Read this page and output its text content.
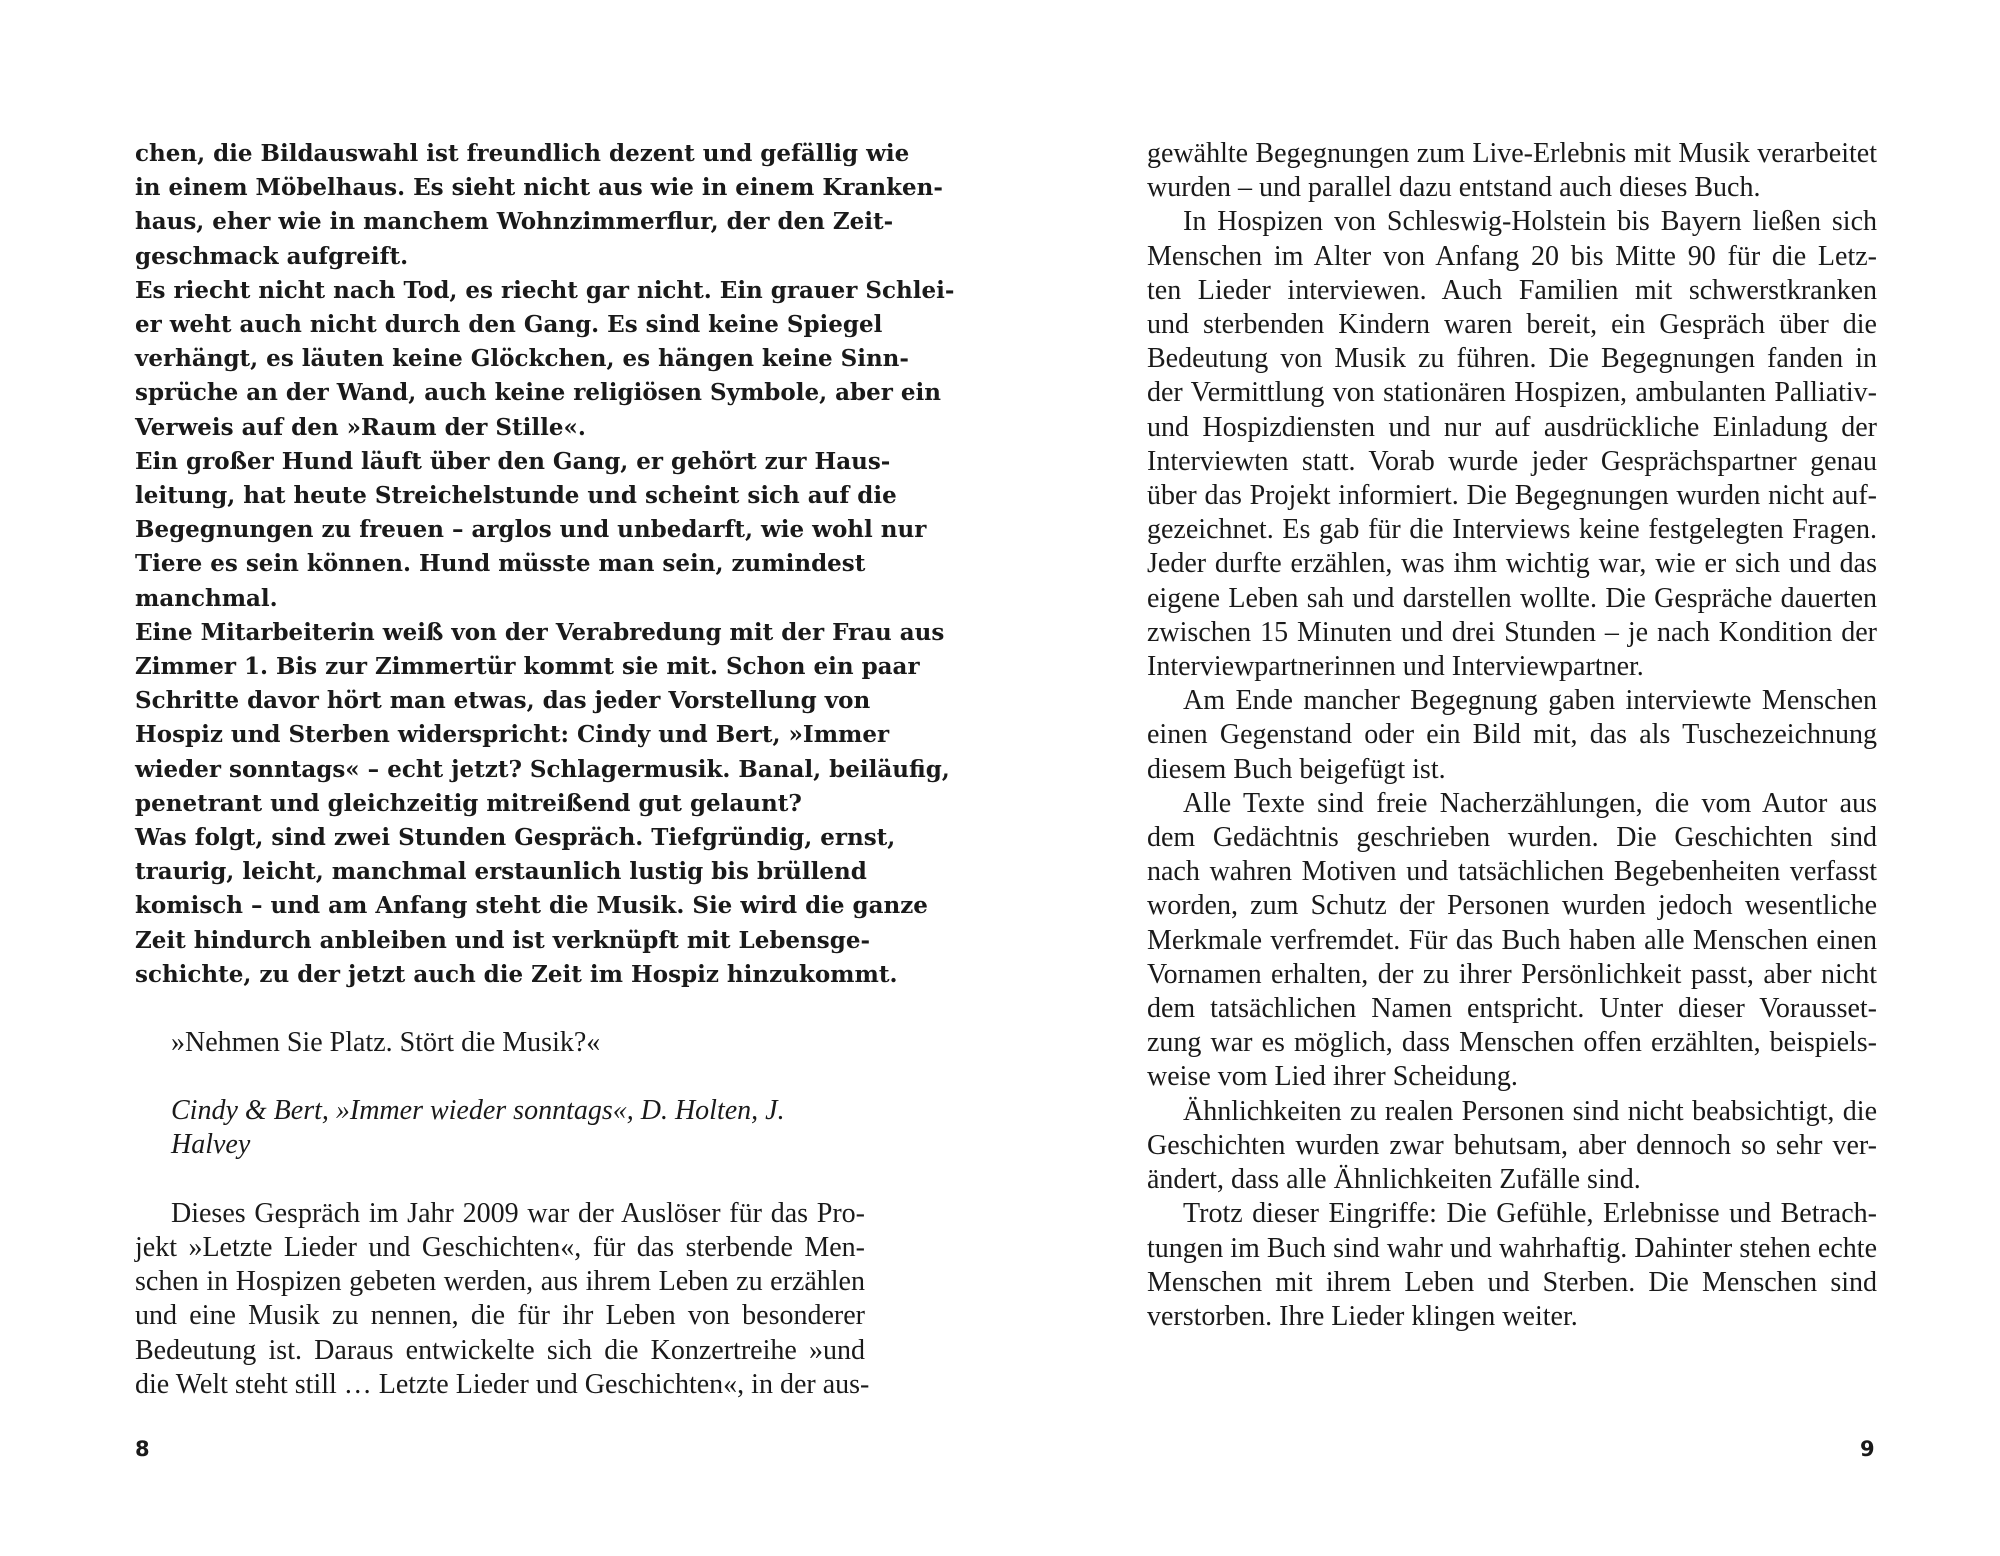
chen, die Bildauswahl ist freundlich dezent und gefällig wie
in einem Möbelhaus. Es sieht nicht aus wie in einem Kranken-
haus, eher wie in manchem Wohnzimmerflur, der den Zeit-
geschmack aufgreift.
Es riecht nicht nach Tod, es riecht gar nicht. Ein grauer Schlei-
er weht auch nicht durch den Gang. Es sind keine Spiegel
verhängt, es läuten keine Glöckchen, es hängen keine Sinn-
sprüche an der Wand, auch keine religiösen Symbole, aber ein
Verweis auf den »Raum der Stille«.
Ein großer Hund läuft über den Gang, er gehört zur Haus-
leitung, hat heute Streichelstunde und scheint sich auf die
Begegnungen zu freuen – arglos und unbedarft, wie wohl nur
Tiere es sein können. Hund müsste man sein, zumindest
manchmal.
Eine Mitarbeiterin weiß von der Verabredung mit der Frau aus
Zimmer 1. Bis zur Zimmertür kommt sie mit. Schon ein paar
Schritte davor hört man etwas, das jeder Vorstellung von
Hospiz und Sterben widerspricht: Cindy und Bert, »Immer
wieder sonntags« – echt jetzt? Schlagermusik. Banal, beiläufig,
penetrant und gleichzeitig mitreißend gut gelaunt?
Was folgt, sind zwei Stunden Gespräch. Tiefgründig, ernst,
traurig, leicht, manchmal erstaunlich lustig bis brüllend
komisch – und am Anfang steht die Musik. Sie wird die ganze
Zeit hindurch anbleiben und ist verknüpft mit Lebensge-
schichte, zu der jetzt auch die Zeit im Hospiz hinzukommt.
»Nehmen Sie Platz. Stört die Musik?«
Cindy & Bert, »Immer wieder sonntags«, D. Holten, J. Halvey
Dieses Gespräch im Jahr 2009 war der Auslöser für das Pro-
jekt »Letzte Lieder und Geschichten«, für das sterbende Men-
schen in Hospizen gebeten werden, aus ihrem Leben zu erzählen
und eine Musik zu nennen, die für ihr Leben von besonderer
Bedeutung ist. Daraus entwickelte sich die Konzertreihe »und
die Welt steht still … Letzte Lieder und Geschichten«, in der aus-
8
gewählte Begegnungen zum Live-Erlebnis mit Musik verarbeitet
wurden – und parallel dazu entstand auch dieses Buch.
In Hospizen von Schleswig-Holstein bis Bayern ließen sich
Menschen im Alter von Anfang 20 bis Mitte 90 für die Letz-
ten Lieder interviewen. Auch Familien mit schwerstkranken
und sterbenden Kindern waren bereit, ein Gespräch über die
Bedeutung von Musik zu führen. Die Begegnungen fanden in
der Vermittlung von stationären Hospizen, ambulanten Palliativ-
und Hospizdiensten und nur auf ausdrückliche Einladung der
Interviewten statt. Vorab wurde jeder Gesprächspartner genau
über das Projekt informiert. Die Begegnungen wurden nicht auf-
gezeichnet. Es gab für die Interviews keine festgelegten Fragen.
Jeder durfte erzählen, was ihm wichtig war, wie er sich und das
eigene Leben sah und darstellen wollte. Die Gespräche dauerten
zwischen 15 Minuten und drei Stunden – je nach Kondition der
Interviewpartnerinnen und Interviewpartner.
Am Ende mancher Begegnung gaben interviewte Menschen
einen Gegenstand oder ein Bild mit, das als Tuschezeichnung
diesem Buch beigefügt ist.
Alle Texte sind freie Nacherzählungen, die vom Autor aus
dem Gedächtnis geschrieben wurden. Die Geschichten sind
nach wahren Motiven und tatsächlichen Begebenheiten verfasst
worden, zum Schutz der Personen wurden jedoch wesentliche
Merkmale verfremdet. Für das Buch haben alle Menschen einen
Vornamen erhalten, der zu ihrer Persönlichkeit passt, aber nicht
dem tatsächlichen Namen entspricht. Unter dieser Vorausset-
zung war es möglich, dass Menschen offen erzählten, beispiels-
weise vom Lied ihrer Scheidung.
Ähnlichkeiten zu realen Personen sind nicht beabsichtigt, die
Geschichten wurden zwar behutsam, aber dennoch so sehr ver-
ändert, dass alle Ähnlichkeiten Zufälle sind.
Trotz dieser Eingriffe: Die Gefühle, Erlebnisse und Betrach-
tungen im Buch sind wahr und wahrhaftig. Dahinter stehen echte
Menschen mit ihrem Leben und Sterben. Die Menschen sind
verstorben. Ihre Lieder klingen weiter.
9
